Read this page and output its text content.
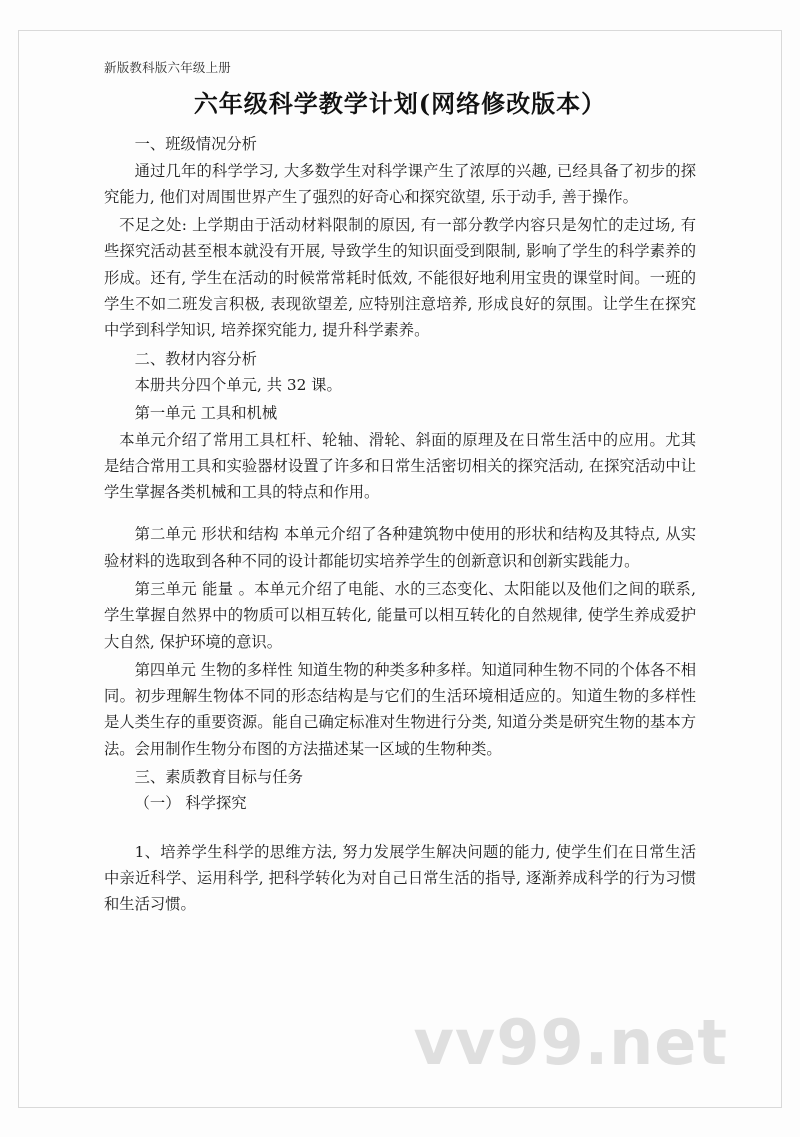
新版教科版六年级上册

六年级科学教学计划(网络修改版本）

一、班级情况分析

通过几年的科学学习, 大多数学生对科学课产生了浓厚的兴趣, 已经具备了初步的探究能力, 他们对周围世界产生了强烈的好奇心和探究欲望, 乐于动手, 善于操作。

不足之处: 上学期由于活动材料限制的原因, 有一部分教学内容只是匆忙的走过场, 有些探究活动甚至根本就没有开展, 导致学生的知识面受到限制, 影响了学生的科学素养的形成。还有, 学生在活动的时候常常耗时低效, 不能很好地利用宝贵的课堂时间。一班的学生不如二班发言积极, 表现欲望差, 应特别注意培养, 形成良好的氛围。让学生在探究中学到科学知识, 培养探究能力, 提升科学素养。

二、教材内容分析

本册共分四个单元, 共 32 课。

第一单元 工具和机械

本单元介绍了常用工具杠杆、轮轴、滑轮、斜面的原理及在日常生活中的应用。尤其是结合常用工具和实验器材设置了许多和日常生活密切相关的探究活动, 在探究活动中让学生掌握各类机械和工具的特点和作用。

第二单元 形状和结构 本单元介绍了各种建筑物中使用的形状和结构及其特点, 从实验材料的选取到各种不同的设计都能切实培养学生的创新意识和创新实践能力。

第三单元 能量 。本单元介绍了电能、水的三态变化、太阳能以及他们之间的联系, 学生掌握自然界中的物质可以相互转化, 能量可以相互转化的自然规律, 使学生养成爱护大自然, 保护环境的意识。

第四单元 生物的多样性 知道生物的种类多种多样。知道同种生物不同的个体各不相同。初步理解生物体不同的形态结构是与它们的生活环境相适应的。知道生物的多样性是人类生存的重要资源。能自己确定标准对生物进行分类, 知道分类是研究生物的基本方法。会用制作生物分布图的方法描述某一区域的生物种类。

三、素质教育目标与任务

（一） 科学探究

1、培养学生科学的思维方法, 努力发展学生解决问题的能力, 使学生们在日常生活中亲近科学、运用科学, 把科学转化为对自己日常生活的指导, 逐渐养成科学的行为习惯和生活习惯。

vv99.net
